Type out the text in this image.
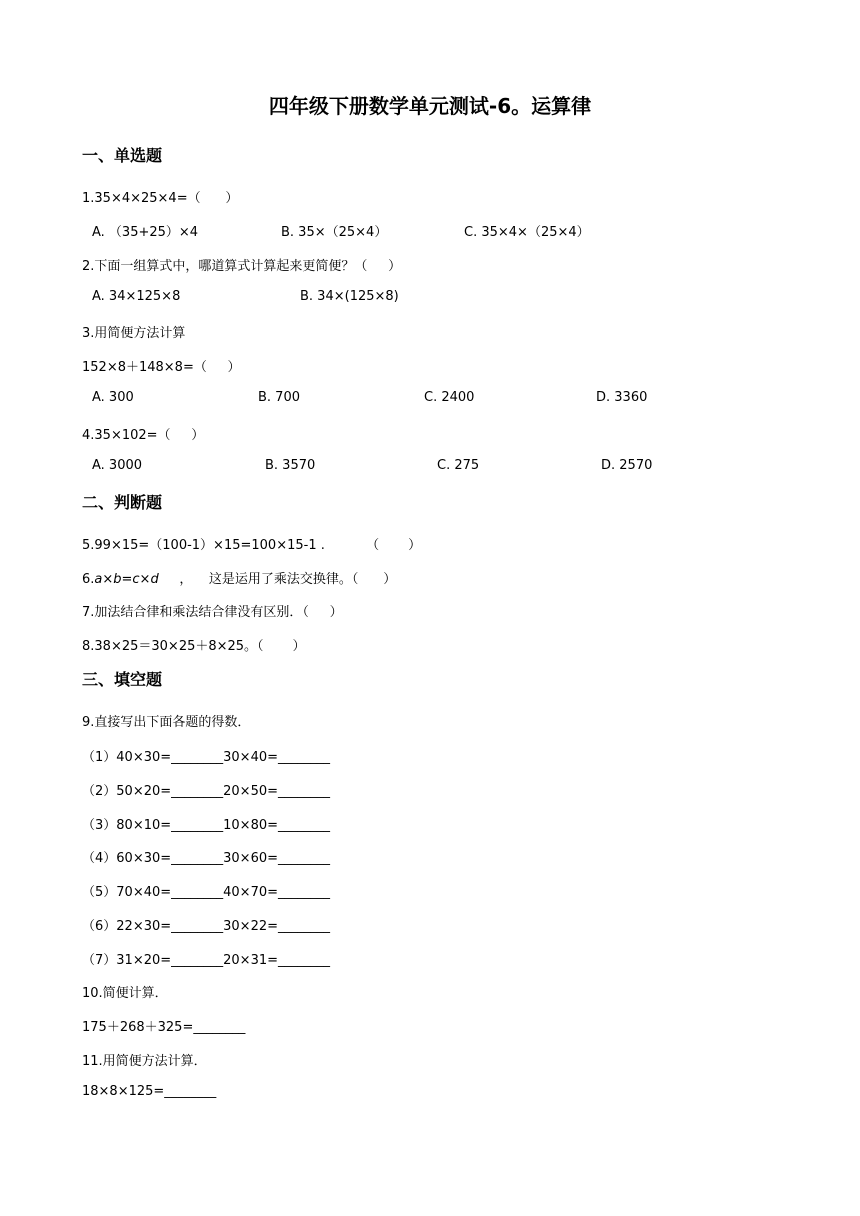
四年级下册数学单元测试-6。运算律
一、单选题
1.35×4×25×4=（      ）
A. （35+25）×4	B. 35×（25×4）	C. 35×4×（25×4）
2.下面一组算式中，哪道算式计算起来更简便？（     ）
A. 34×125×8	B. 34×(125×8)
3.用简便方法计算
152×8＋148×8=（     ）
A. 300	B. 700	C. 2400	D. 3360
4.35×102=（     ）
A. 3000	B. 3570	C. 275	D. 2570
二、判断题
5.99×15=（100-1）×15=100×15-1 .          （       ）
6.a×b=c×d     ，    这是运用了乘法交换律。（      ）
7.加法结合律和乘法结合律没有区别．（     ）
8.38×25＝30×25＋8×25。（       ）
三、填空题
9.直接写出下面各题的得数．
（1）40×30=________30×40=________
（2）50×20=________20×50=________
（3）80×10=________10×80=________
（4）60×30=________30×60=________
（5）70×40=________40×70=________
（6）22×30=________30×22=________
（7）31×20=________20×31=________
10.简便计算．
175＋268＋325=________
11.用简便方法计算．
18×8×125=________
